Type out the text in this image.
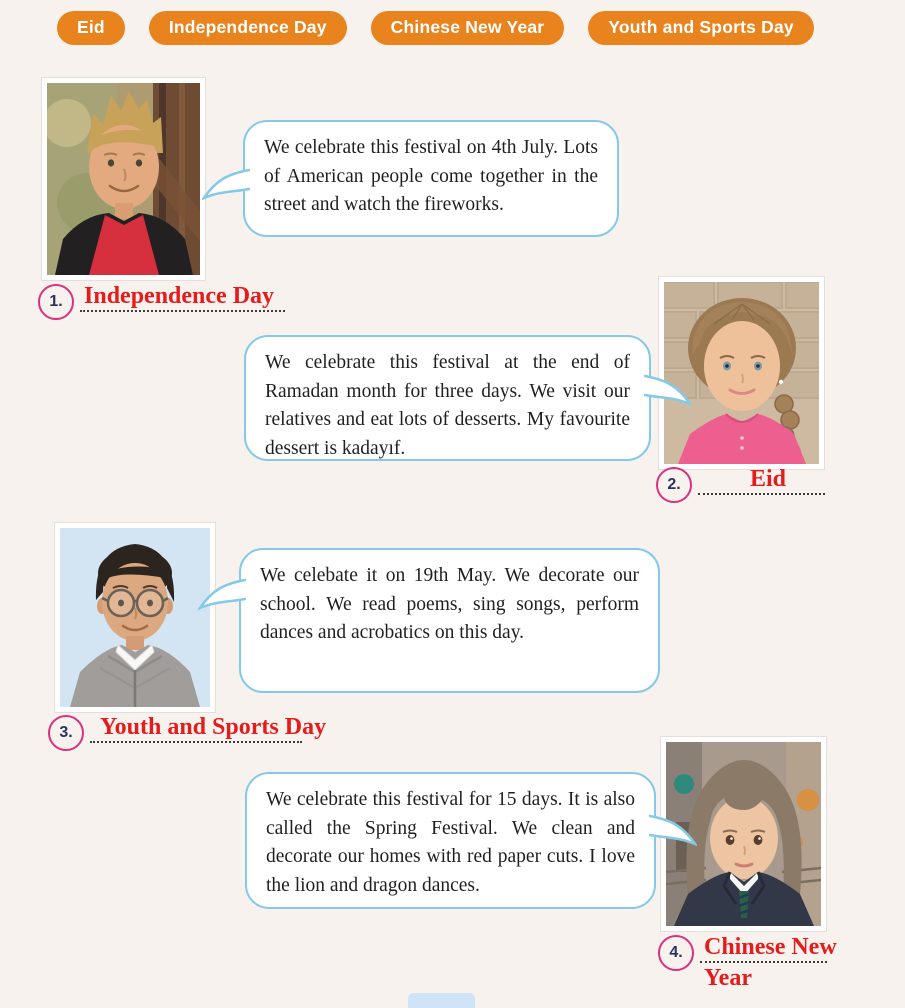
Eid	Independence Day	Chinese New Year	Youth and Sports Day

We celebrate this festival on 4th July. Lots of American people come together in the street and watch the fireworks.

1. Independence Day

We celebrate this festival at the end of Ramadan month for three days. We visit our relatives and eat lots of desserts. My favourite dessert is kadayıf.

2.	Eid

We celebate it on 19th May. We decorate our school. We read poems, sing songs, perform dances and acrobatics on this day.

3.	Youth and Sports Day

We celebrate this festival for 15 days. It is also called the Spring Festival. We clean and decorate our homes with red paper cuts. I love the lion and dragon dances.

4. Chinese New Year
